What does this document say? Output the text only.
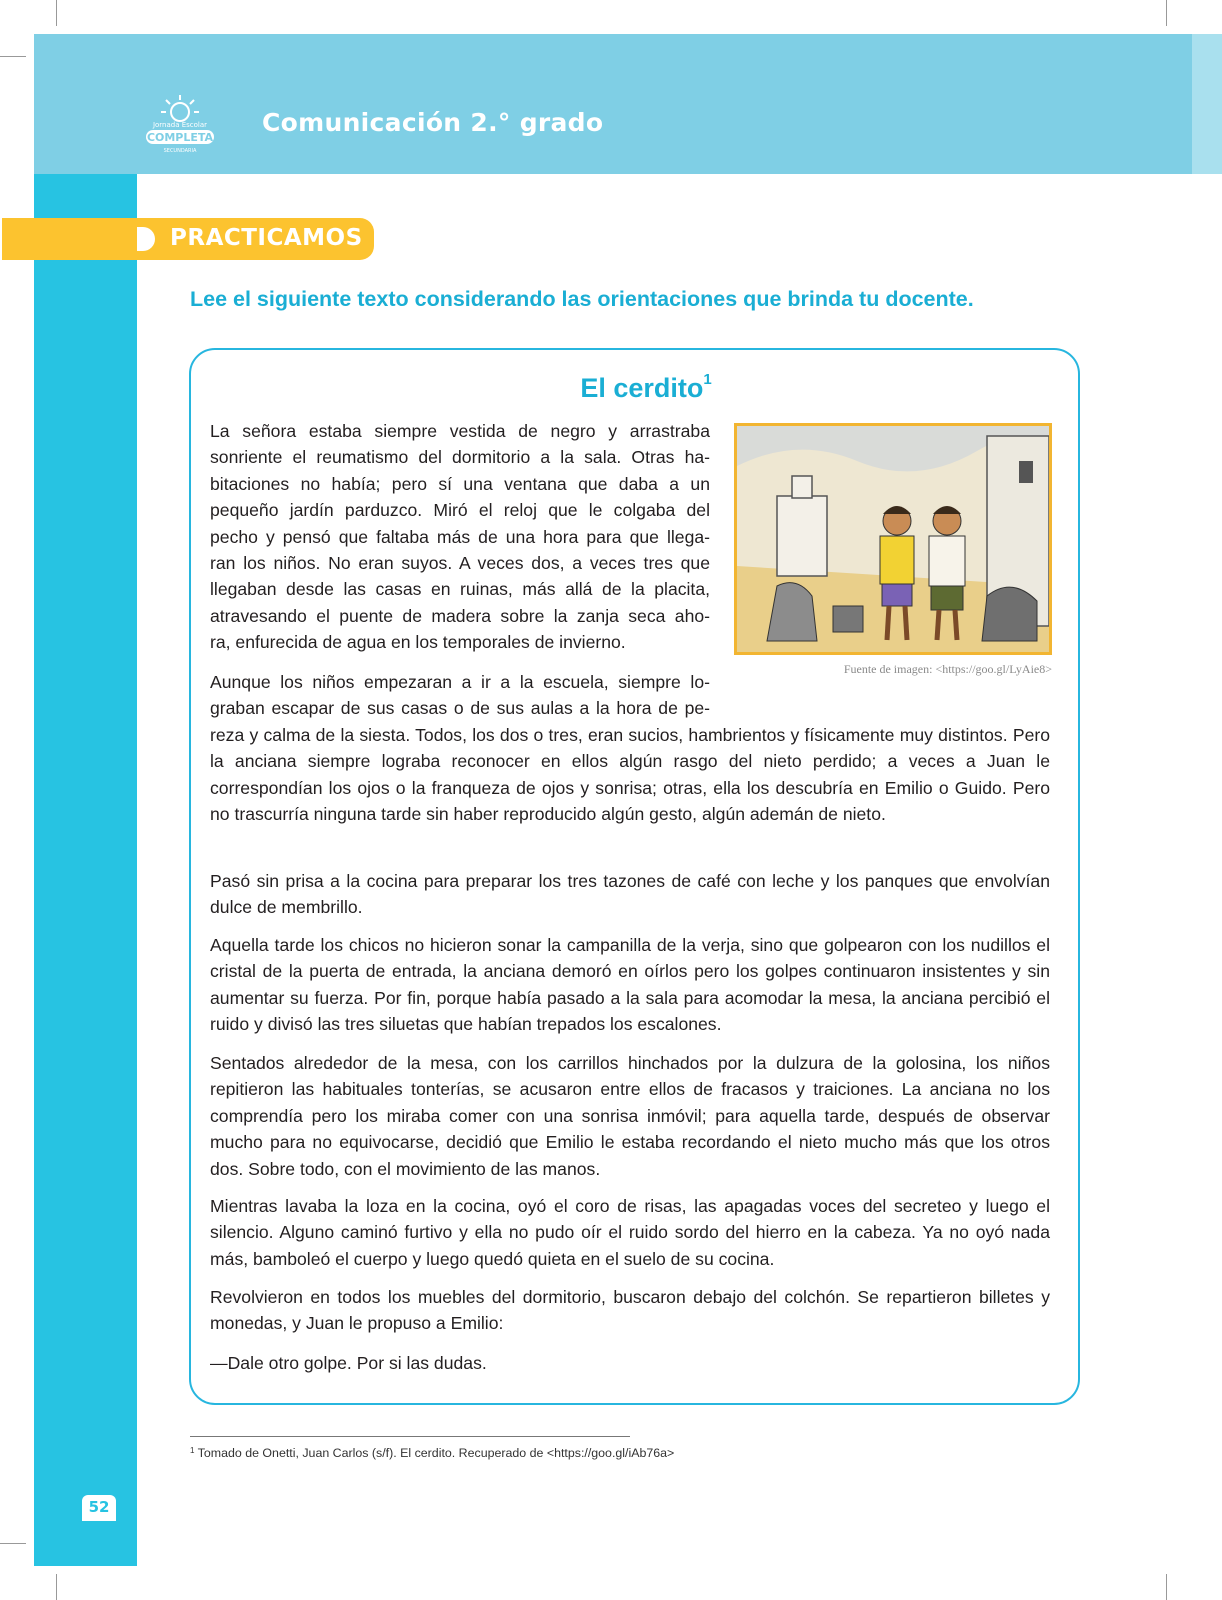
Jornada Escolar
COMPLETA
SECUNDARIA
Comunicación 2.° grado
PRACTICAMOS
Lee el siguiente texto considerando las orientaciones que brinda tu docente.
El cerdito$^1$
La señora estaba siempre vestida de negro y arrastraba
sonriente el reumatismo del dormitorio a la sala. Otras ha-
bitaciones no había; pero sí una ventana que daba a un
pequeño jardín parduzco. Miró el reloj que le colgaba del
pecho y pensó que faltaba más de una hora para que llega-
ran los niños. No eran suyos. A veces dos, a veces tres que
llegaban desde las casas en ruinas, más allá de la placita,
atravesando el puente de madera sobre la zanja seca aho-
ra, enfurecida de agua en los temporales de invierno.
Fuente de imagen: <https://goo.gl/LyAie8>
Aunque los niños empezaran a ir a la escuela, siempre lo-
graban escapar de sus casas o de sus aulas a la hora de pe-
reza y calma de la siesta. Todos, los dos o tres, eran sucios, hambrientos y físicamente muy distintos. Pero la anciana siempre lograba reconocer en ellos algún rasgo del nieto perdido; a veces a Juan le correspondían los ojos o la franqueza de ojos y sonrisa; otras, ella los descubría en Emilio o Guido. Pero no trascurría ninguna tarde sin haber reproducido algún gesto, algún ademán de nieto.
Pasó sin prisa a la cocina para preparar los tres tazones de café con leche y los panques que envolvían dulce de membrillo.
Aquella tarde los chicos no hicieron sonar la campanilla de la verja, sino que golpearon con los nudillos el cristal de la puerta de entrada, la anciana demoró en oírlos pero los golpes continuaron insistentes y sin aumentar su fuerza. Por fin, porque había pasado a la sala para acomodar la mesa, la anciana percibió el ruido y divisó las tres siluetas que habían trepados los escalones.
Sentados alrededor de la mesa, con los carrillos hinchados por la dulzura de la golosina, los niños repitieron las habituales tonterías, se acusaron entre ellos de fracasos y traiciones. La anciana no los comprendía pero los miraba comer con una sonrisa inmóvil; para aquella tarde, después de observar mucho para no equivocarse, decidió que Emilio le estaba recordando el nieto mucho más que los otros dos. Sobre todo, con el movimiento de las manos.
Mientras lavaba la loza en la cocina, oyó el coro de risas, las apagadas voces del secreteo y luego el silencio. Alguno caminó furtivo y ella no pudo oír el ruido sordo del hierro en la cabeza. Ya no oyó nada más, bamboleó el cuerpo y luego quedó quieta en el suelo de su cocina.
Revolvieron en todos los muebles del dormitorio, buscaron debajo del colchón. Se repartieron billetes y monedas, y Juan le propuso a Emilio:
—Dale otro golpe. Por si las dudas.
$^1$ Tomado de Onetti, Juan Carlos (s/f). El cerdito. Recuperado de <https://goo.gl/iAb76a>
52
